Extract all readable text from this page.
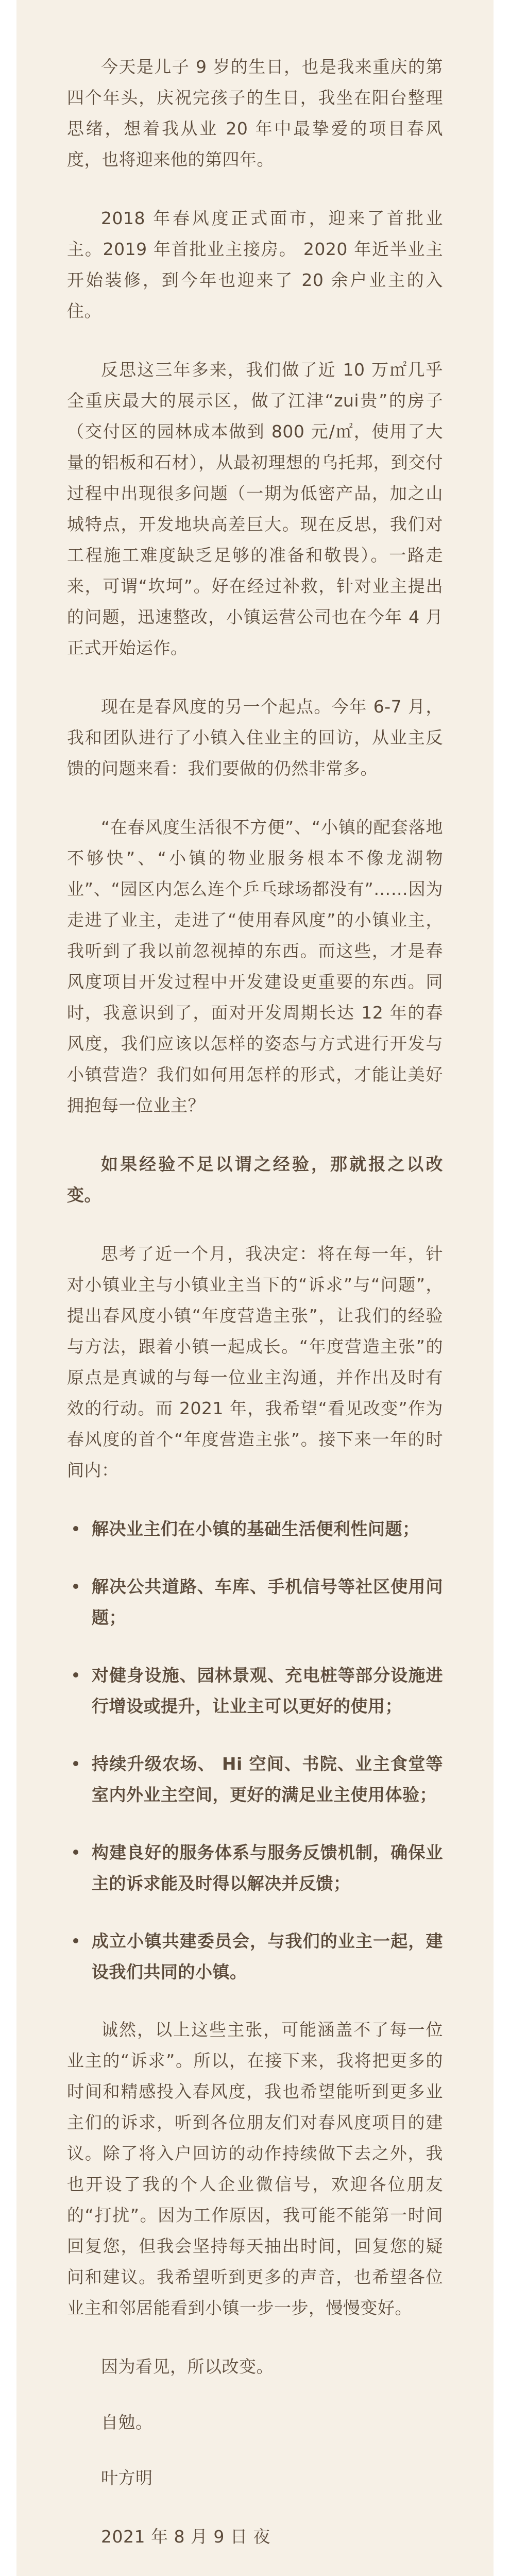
今天是儿子 9 岁的生日，也是我来重庆的第四个年头，庆祝完孩子的生日，我坐在阳台整理思绪，想着我从业 20 年中最挚爱的项目春风度，也将迎来他的第四年。

2018 年春风度正式面市，迎来了首批业主。2019 年首批业主接房。 2020 年近半业主开始装修，到今年也迎来了 20 余户业主的入住。

反思这三年多来，我们做了近 10 万㎡几乎全重庆最大的展示区，做了江津“zui贵”的房子（交付区的园林成本做到 800 元/㎡，使用了大量的铝板和石材），从最初理想的乌托邦，到交付过程中出现很多问题（一期为低密产品，加之山城特点，开发地块高差巨大。现在反思，我们对工程施工难度缺乏足够的准备和敬畏）。一路走来，可谓“坎坷”。好在经过补救，针对业主提出的问题，迅速整改，小镇运营公司也在今年 4 月正式开始运作。

现在是春风度的另一个起点。今年 6-7 月，我和团队进行了小镇入住业主的回访，从业主反馈的问题来看：我们要做的仍然非常多。

“在春风度生活很不方便”、“小镇的配套落地不够快”、“小镇的物业服务根本不像龙湖物业”、“园区内怎么连个乒乓球场都没有”……因为走进了业主，走进了“使用春风度”的小镇业主，我听到了我以前忽视掉的东西。而这些，才是春风度项目开发过程中开发建设更重要的东西。同时，我意识到了，面对开发周期长达 12 年的春风度，我们应该以怎样的姿态与方式进行开发与小镇营造？我们如何用怎样的形式，才能让美好拥抱每一位业主？

如果经验不足以谓之经验，那就报之以改变。

思考了近一个月，我决定：将在每一年，针对小镇业主与小镇业主当下的“诉求”与“问题”，提出春风度小镇“年度营造主张”，让我们的经验与方法，跟着小镇一起成长。“年度营造主张”的原点是真诚的与每一位业主沟通，并作出及时有效的行动。而 2021 年，我希望“看见改变”作为春风度的首个“年度营造主张”。接下来一年的时间内：

解决业主们在小镇的基础生活便利性问题；
解决公共道路、车库、手机信号等社区使用问题；
对健身设施、园林景观、充电桩等部分设施进行增设或提升，让业主可以更好的使用；
持续升级农场、 Hi 空间、书院、业主食堂等室内外业主空间，更好的满足业主使用体验；
构建良好的服务体系与服务反馈机制，确保业主的诉求能及时得以解决并反馈；
成立小镇共建委员会，与我们的业主一起，建设我们共同的小镇。

诚然，以上这些主张，可能涵盖不了每一位业主的“诉求”。所以，在接下来，我将把更多的时间和精感投入春风度，我也希望能听到更多业主们的诉求，听到各位朋友们对春风度项目的建议。除了将入户回访的动作持续做下去之外，我也开设了我的个人企业微信号，欢迎各位朋友的“打扰”。因为工作原因，我可能不能第一时间回复您，但我会坚持每天抽出时间，回复您的疑问和建议。我希望听到更多的声音，也希望各位业主和邻居能看到小镇一步一步，慢慢变好。

因为看见，所以改变。

自勉。

叶方明

2021 年 8 月 9 日 夜
